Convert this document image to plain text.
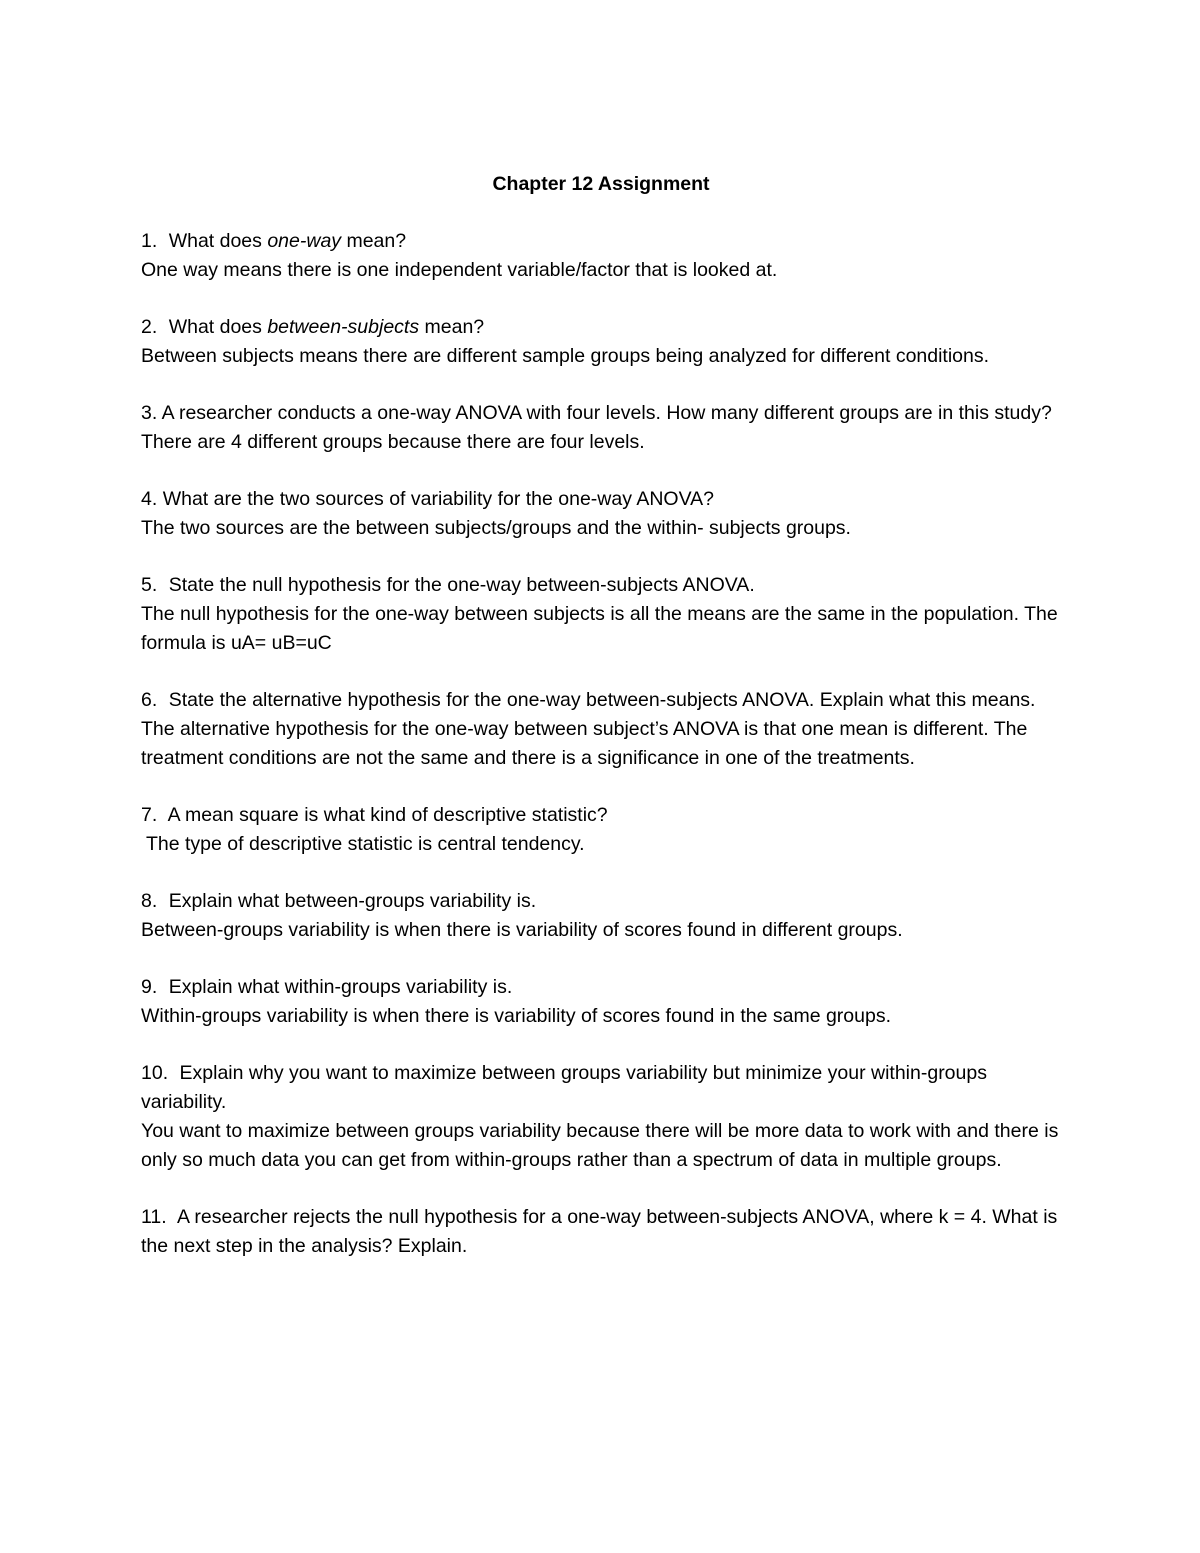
Chapter 12 Assignment

1. What does one-way mean?

One way means there is one independent variable/factor that is looked at.

2. What does between-subjects mean?

Between subjects means there are different sample groups being analyzed for different conditions.

3. A researcher conducts a one-way ANOVA with four levels. How many different groups are in this study?

There are 4 different groups because there are four levels.

4. What are the two sources of variability for the one-way ANOVA?

The two sources are the between subjects/groups and the within- subjects groups.

5. State the null hypothesis for the one-way between-subjects ANOVA.

The null hypothesis for the one-way between subjects is all the means are the same in the population. The formula is uA= uB=uC

6. State the alternative hypothesis for the one-way between-subjects ANOVA. Explain what this means.

The alternative hypothesis for the one-way between subject’s ANOVA is that one mean is different. The treatment conditions are not the same and there is a significance in one of the treatments.

7. A mean square is what kind of descriptive statistic?

The type of descriptive statistic is central tendency.

8. Explain what between-groups variability is.

Between-groups variability is when there is variability of scores found in different groups.

9. Explain what within-groups variability is.

Within-groups variability is when there is variability of scores found in the same groups.

10. Explain why you want to maximize between groups variability but minimize your within-groups variability.

You want to maximize between groups variability because there will be more data to work with and there is only so much data you can get from within-groups rather than a spectrum of data in multiple groups.

11. A researcher rejects the null hypothesis for a one-way between-subjects ANOVA, where k = 4. What is the next step in the analysis? Explain.
